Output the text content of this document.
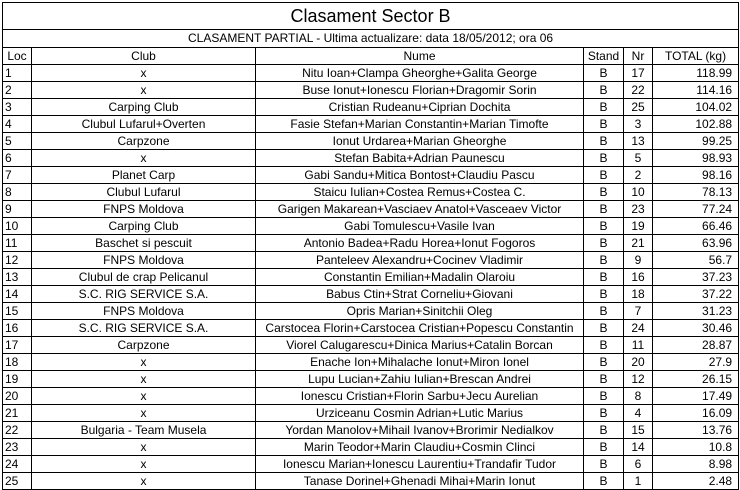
Clasament Sector B					
CLASAMENT PARTIAL - Ultima actualizare: data 18/05/2012; ora 06					
Loc	Club	Nume	Stand	Nr	TOTAL (kg)
1	x	Nitu Ioan+Clampa Gheorghe+Galita George	B	17	118.99
2	x	Buse Ionut+Ionescu Florian+Dragomir Sorin	B	22	114.16
3	Carping Club	Cristian Rudeanu+Ciprian Dochita	B	25	104.02
4	Clubul Lufarul+Overten	Fasie Stefan+Marian Constantin+Marian Timofte	B	3	102.88
5	Carpzone	Ionut Urdarea+Marian Gheorghe	B	13	99.25
6	x	Stefan Babita+Adrian Paunescu	B	5	98.93
7	Planet Carp	Gabi Sandu+Mitica Bontost+Claudiu Pascu	B	2	98.16
8	Clubul Lufarul	Staicu Iulian+Costea Remus+Costea C.	B	10	78.13
9	FNPS Moldova	Garigen Makarean+Vasciaev Anatol+Vasceaev Victor	B	23	77.24
10	Carping Club	Gabi Tomulescu+Vasile Ivan	B	19	66.46
11	Baschet si pescuit	Antonio Badea+Radu Horea+Ionut Fogoros	B	21	63.96
12	FNPS Moldova	Panteleev Alexandru+Cocinev Vladimir	B	9	56.7
13	Clubul de crap Pelicanul	Constantin Emilian+Madalin Olaroiu	B	16	37.23
14	S.C. RIG SERVICE S.A.	Babus Ctin+Strat Corneliu+Giovani	B	18	37.22
15	FNPS Moldova	Opris Marian+Sinitchii Oleg	B	7	31.23
16	S.C. RIG SERVICE S.A.	Carstocea Florin+Carstocea Cristian+Popescu Constantin	B	24	30.46
17	Carpzone	Viorel Calugarescu+Dinica Marius+Catalin Borcan	B	11	28.87
18	x	Enache Ion+Mihalache Ionut+Miron Ionel	B	20	27.9
19	x	Lupu Lucian+Zahiu Iulian+Brescan Andrei	B	12	26.15
20	x	Ionescu Cristian+Florin Sarbu+Jecu Aurelian	B	8	17.49
21	x	Urziceanu Cosmin Adrian+Lutic Marius	B	4	16.09
22	Bulgaria - Team Musela	Yordan Manolov+Mihail Ivanov+Brorimir Nedialkov	B	15	13.76
23	x	Marin Teodor+Marin Claudiu+Cosmin Clinci	B	14	10.8
24	x	Ionescu Marian+Ionescu Laurentiu+Trandafir Tudor	B	6	8.98
25	x	Tanase Dorinel+Ghenadi Mihai+Marin Ionut	B	1	2.48
